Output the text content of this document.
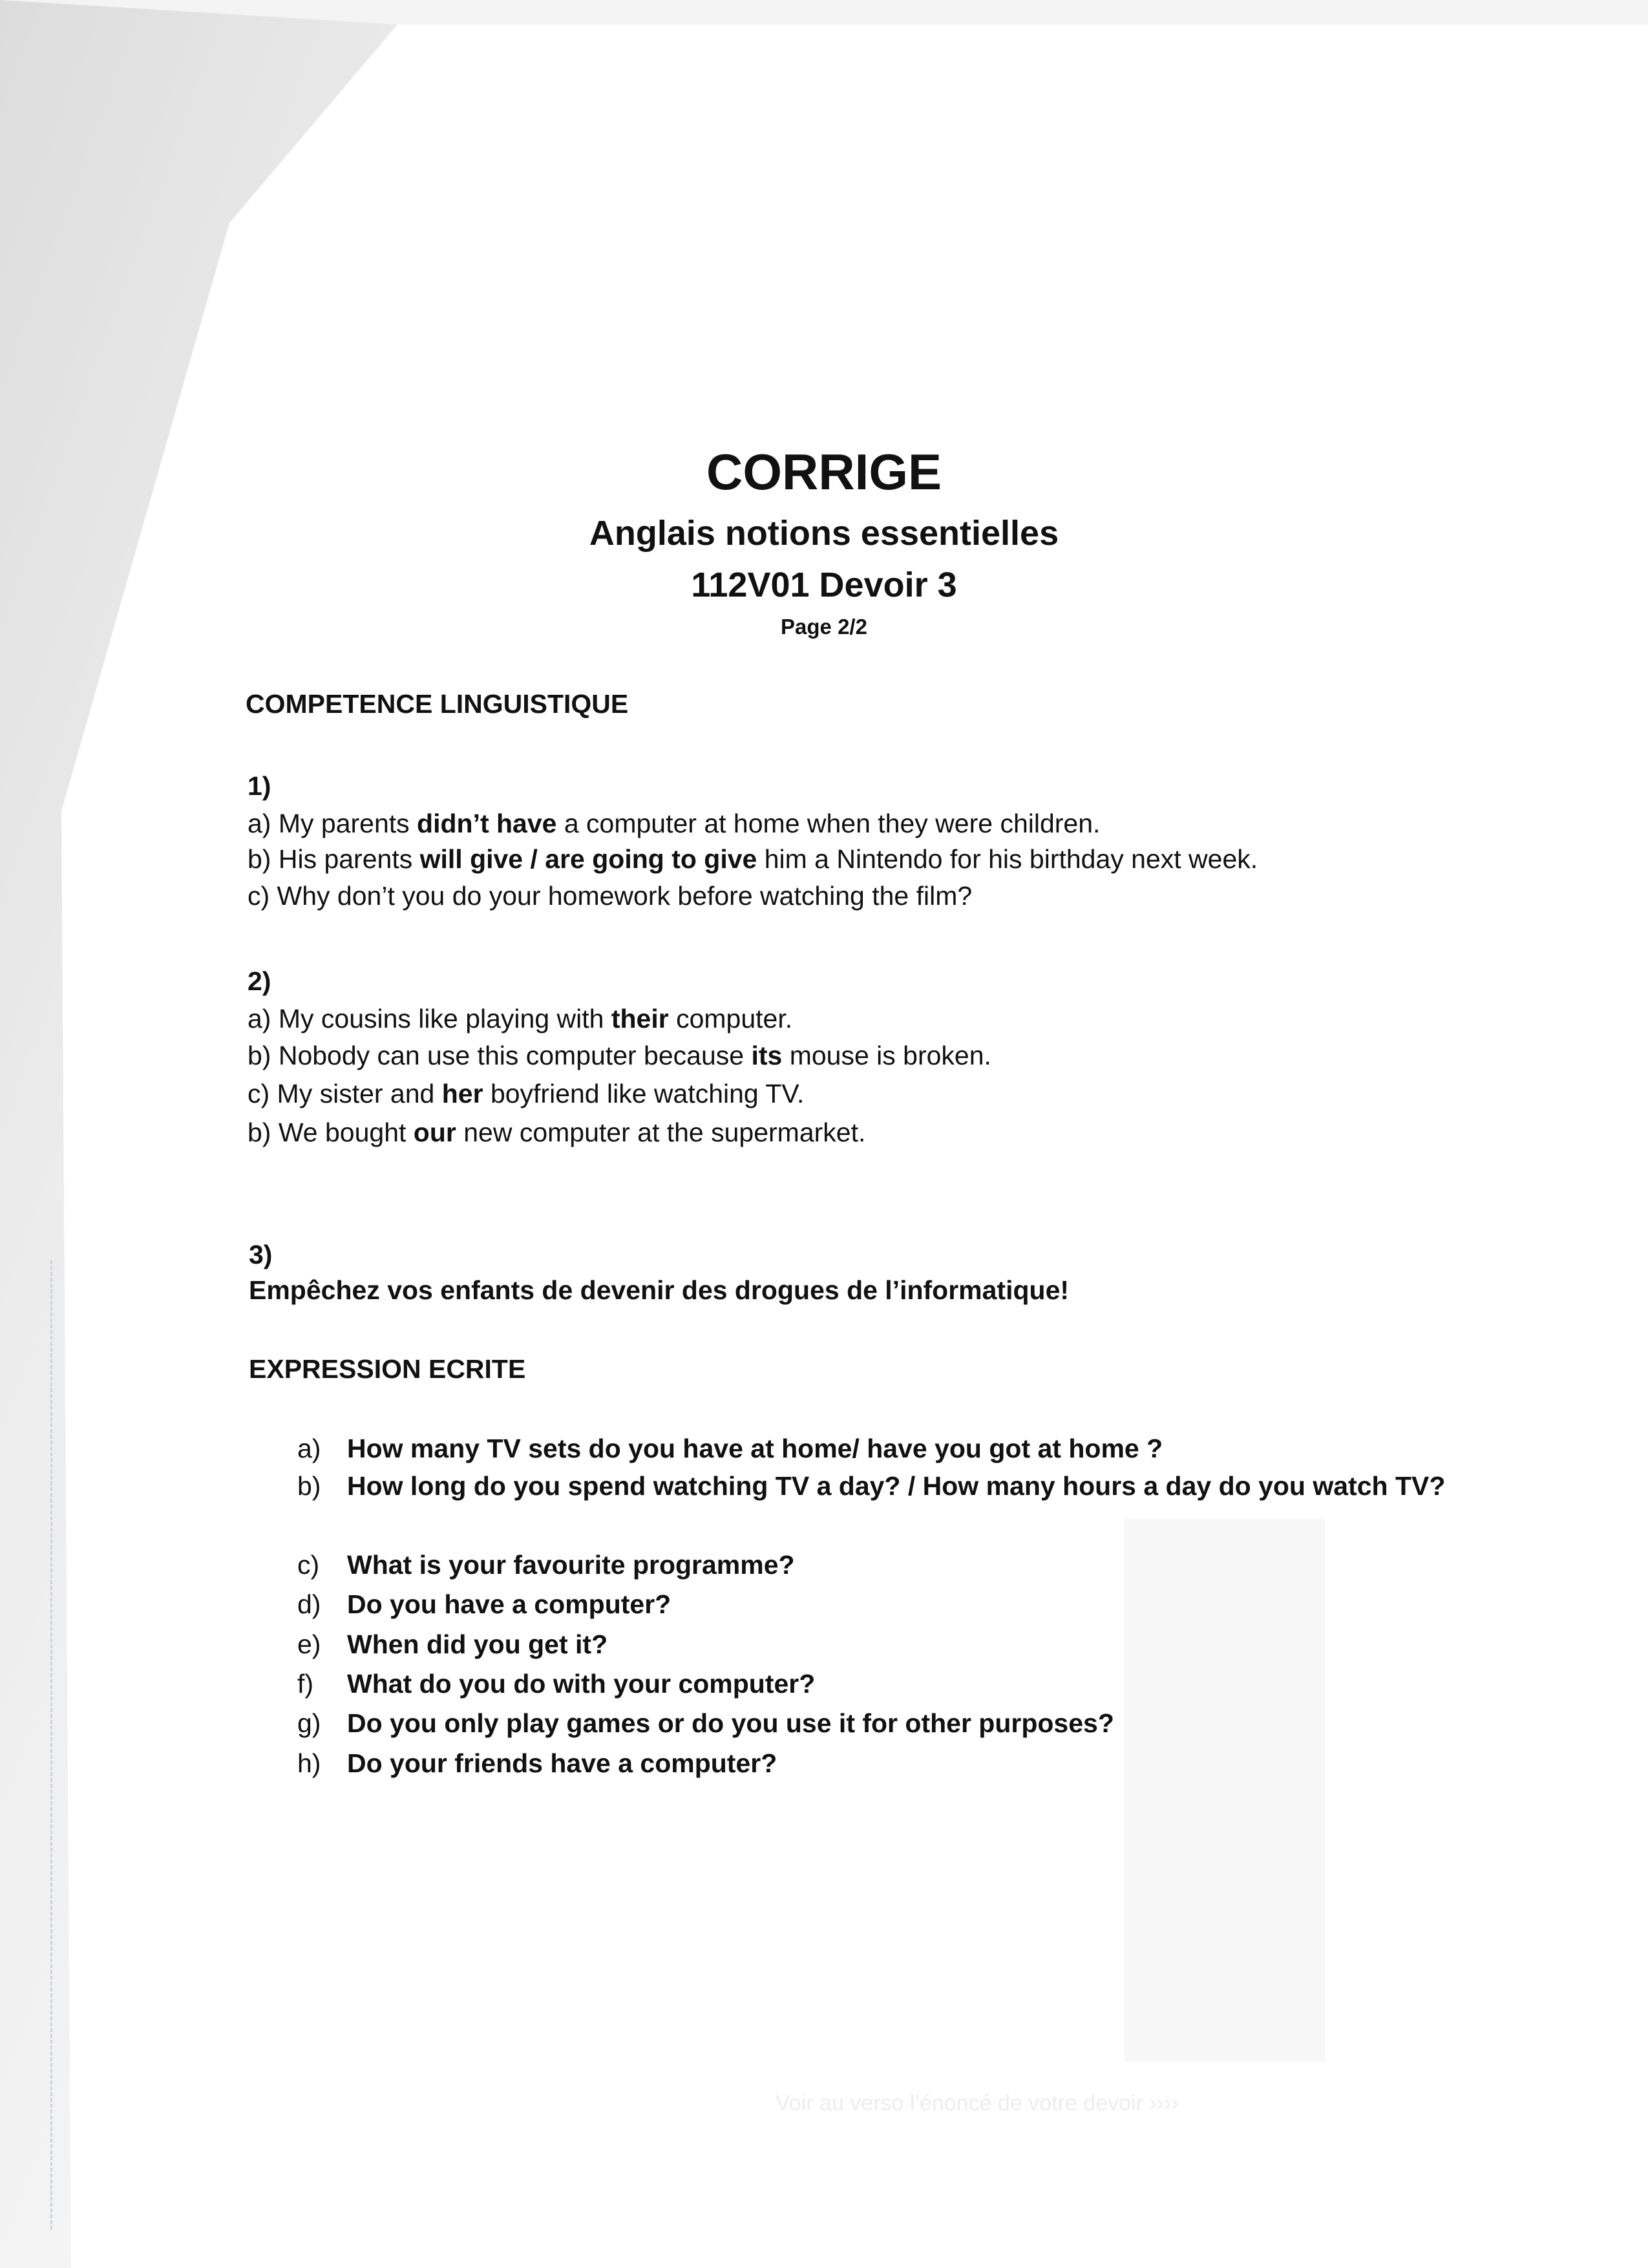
Voir au verso l’énoncé de votre devoir ››››
CORRIGE
Anglais notions essentielles
112V01 Devoir 3
Page 2/2
COMPETENCE LINGUISTIQUE
1)
a) My parents didn’t have a computer at home when they were children.
b) His parents will give / are going to give him a Nintendo for his birthday next week.
c) Why don’t you do your homework before watching the film?
2)
a) My cousins like playing with their computer.
b) Nobody can use this computer because its mouse is broken.
c) My sister and her boyfriend like watching TV.
b) We bought our new computer at the supermarket.
3)
Empêchez vos enfants de devenir des drogues de l’informatique!
EXPRESSION ECRITE
a) How many TV sets do you have at home/ have you got at home ?
b) How long do you spend watching TV a day? / How many hours a day do you watch TV?
c) What is your favourite programme?
d) Do you have a computer?
e) When did you get it?
f) What do you do with your computer?
g) Do you only play games or do you use it for other purposes?
h) Do your friends have a computer?
